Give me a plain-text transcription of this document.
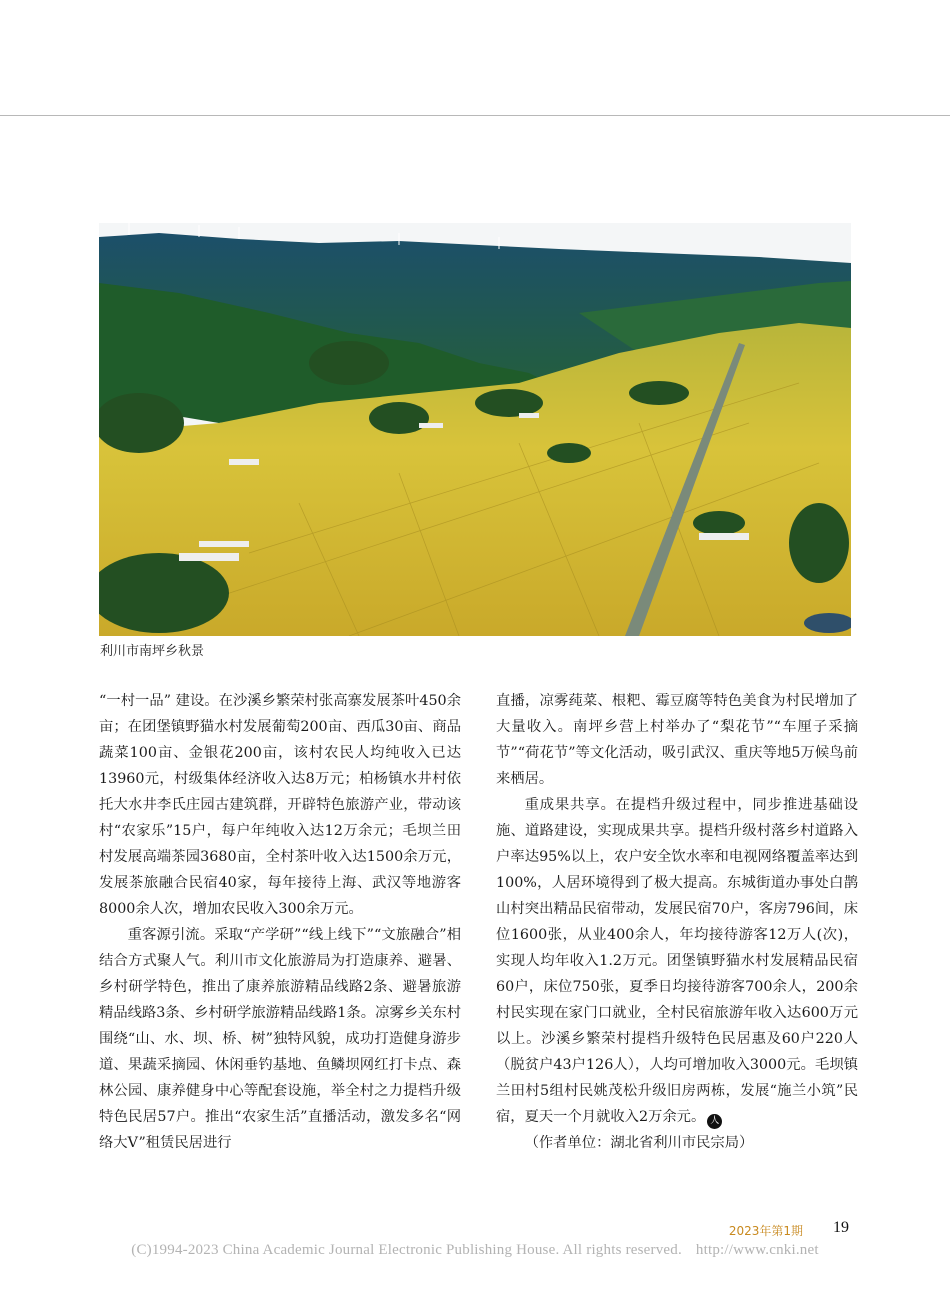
利川市南坪乡秋景

“一村一品” 建设。在沙溪乡繁荣村张高寨发展茶叶450余亩；在团堡镇野猫水村发展葡萄200亩、西瓜30亩、商品蔬菜100亩、金银花200亩，该村农民人均纯收入已达13960元，村级集体经济收入达8万元；柏杨镇水井村依托大水井李氏庄园古建筑群，开辟特色旅游产业，带动该村“农家乐”15户，每户年纯收入达12万余元；毛坝兰田村发展高端茶园3680亩，全村茶叶收入达1500余万元，发展茶旅融合民宿40家，每年接待上海、武汉等地游客8000余人次，增加农民收入300余万元。

重客源引流。采取“产学研”“线上线下”“文旅融合”相结合方式聚人气。利川市文化旅游局为打造康养、避暑、乡村研学特色，推出了康养旅游精品线路2条、避暑旅游精品线路3条、乡村研学旅游精品线路1条。凉雾乡关东村围绕“山、水、坝、桥、树”独特风貌，成功打造健身游步道、果蔬采摘园、休闲垂钓基地、鱼鳞坝网红打卡点、森林公园、康养健身中心等配套设施，举全村之力提档升级特色民居57户。推出“农家生活”直播活动，激发多名“网络大V”租赁民居进行

直播，凉雾莼菜、根粑、霉豆腐等特色美食为村民增加了大量收入。南坪乡营上村举办了“梨花节”“车厘子采摘节”“荷花节”等文化活动，吸引武汉、重庆等地5万候鸟前来栖居。

重成果共享。在提档升级过程中，同步推进基础设施、道路建设，实现成果共享。提档升级村落乡村道路入户率达95%以上，农户安全饮水率和电视网络覆盖率达到100%，人居环境得到了极大提高。东城街道办事处白鹊山村突出精品民宿带动，发展民宿70户，客房796间，床位1600张，从业400余人，年均接待游客12万人(次)，实现人均年收入1.2万元。团堡镇野猫水村发展精品民宿60户，床位750张，夏季日均接待游客700余人，200余村民实现在家门口就业，全村民宿旅游年收入达600万元以上。沙溪乡繁荣村提档升级特色民居惠及60户220人（脱贫户43户126人），人均可增加收入3000元。毛坝镇兰田村5组村民姚茂松升级旧房两栋，发展“施兰小筑”民宿，夏天一个月就收入2万余元。 人

（作者单位：湖北省利川市民宗局）

2023年第1期 19
(C)1994-2023 China Academic Journal Electronic Publishing House. All rights reserved. http://www.cnki.net
